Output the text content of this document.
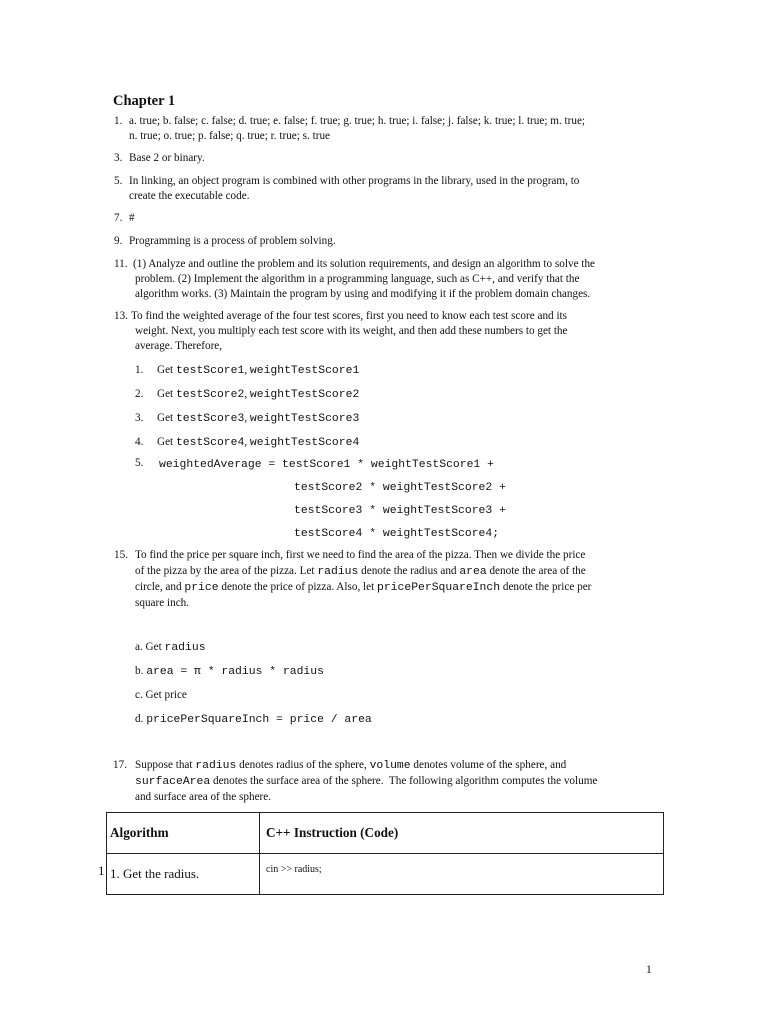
Chapter 1
1. a. true; b. false; c. false; d. true; e. false; f. true; g. true; h. true; i. false; j. false; k. true; l. true; m. true;
n. true; o. true; p. false; q. true; r. true; s. true
3. Base 2 or binary.
5. In linking, an object program is combined with other programs in the library, used in the program, to
create the executable code.
7. #
9. Programming is a process of problem solving.
11. (1) Analyze and outline the problem and its solution requirements, and design an algorithm to solve the
problem. (2) Implement the algorithm in a programming language, such as C++, and verify that the
algorithm works. (3) Maintain the program by using and modifying it if the problem domain changes.
13. To find the weighted average of the four test scores, first you need to know each test score and its
weight. Next, you multiply each test score with its weight, and then add these numbers to get the
average. Therefore,
1. Get testScore1, weightTestScore1
2. Get testScore2, weightTestScore2
3. Get testScore3, weightTestScore3
4. Get testScore4, weightTestScore4
5. weightedAverage = testScore1 * weightTestScore1 +
testScore2 * weightTestScore2 +
testScore3 * weightTestScore3 +
testScore4 * weightTestScore4;
15. To find the price per square inch, first we need to find the area of the pizza. Then we divide the price
of the pizza by the area of the pizza. Let radius denote the radius and area denote the area of the
circle, and price denote the price of pizza. Also, let pricePerSquareInch denote the price per
square inch.
a. Get radius
b. area = π * radius * radius
c. Get price
d. pricePerSquareInch = price / area
17. Suppose that radius denotes radius of the sphere, volume denotes volume of the sphere, and
surfaceArea denotes the surface area of the sphere.  The following algorithm computes the volume
and surface area of the sphere.
Algorithm	C++ Instruction (Code)
1. Get the radius.	cin >> radius;
1
1
